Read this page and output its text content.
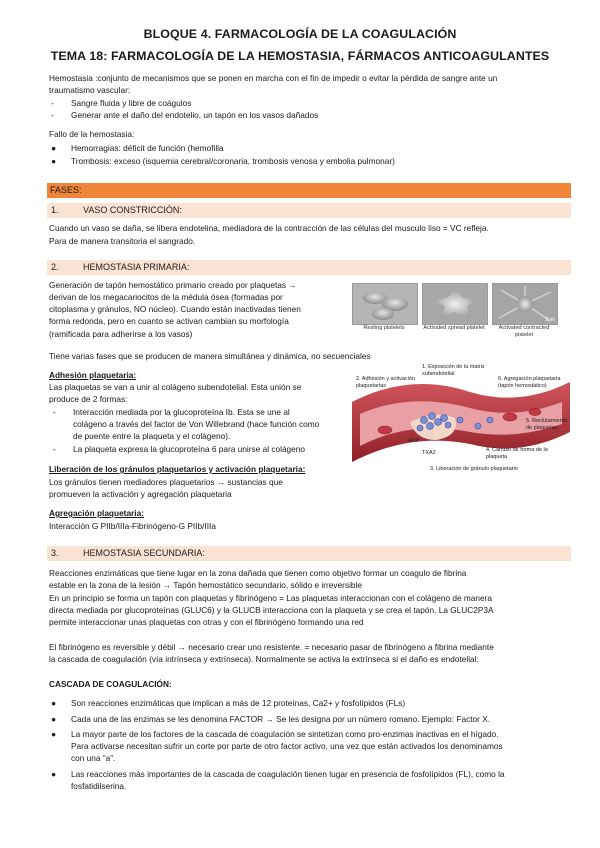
BLOQUE 4. FARMACOLOGÍA DE LA COAGULACIÓN
TEMA 18: FARMACOLOGÍA DE LA HEMOSTASIA, FÁRMACOS ANTICOAGULANTES
Hemostasia :conjunto de mecanismos que se ponen en marcha con el fin de impedir o evitar la pérdida de sangre ante un
traumatismo vascular:
- Sangre fluida y libre de coágulos
- Generar ante el daño del endotelio, un tapón en los vasos dañados
Fallo de la hemostasia:
● Hemorragias: déficit de función (hemofilia
● Trombosis: exceso (isquemia cerebral/coronaria, trombosis venosa y embolia pulmonar)
FASES:
1.	VASO CONSTRICCIÓN:
Cuando un vaso se daña, se libera endotelina, mediadora de la contracción de las células del musculo liso = VC refleja.
Para de manera transitoria el sangrado.
2.	HEMOSTASIA PRIMARIA:
Generación de tapón hemostático primario creado por plaquetas →
derivan de los megacariocitos de la médula ósea (formadas por
citoplasma y gránulos, NO núcleo). Cuando están inactivadas tienen
forma redonda, pero en cuanto se activan cambian su morfología
(ramificada para adherirse a los vasos)
2μm
Resting platelets	Activated spread platelet	Activated contracted platelet
Tiene varias fases que se producen de manera simultánea y dinámica, no secuenciales
Adhesión plaquetaria:
Las plaquetas se van a unir al colágeno subendotelial. Esta unión se
produce de 2 formas:
- Interacción mediada por la glucoproteína Ib. Esta se une al
colágeno a través del factor de Von Willebrand (hace función como
de puente entre la plaqueta y el colágeno).
- La plaqueta expresa la glucoproteína 6 para unirse al colágeno
1. Exposición de la matriz subendotelial
2. Adhesión y activación plaquetarias
6. Agregación plaquetaria (tapón hemostático)
5. Reclutamiento de plaquetas
4. Cambio de forma de la plaqueta
3. Liberación de gránulo plaquetario
ADP
TXA2
Liberación de los gránulos plaquetarios y activación plaquetaria:
Los gránulos tienen mediadores plaquetarios → sustancias que
promueven la activación y agregación plaquetaria
Agregación plaquetaria:
Interacción G PIIb/IIIa-Fibrinógeno-G PIIb/IIIa
3.	HEMOSTASIA SECUNDARIA:
Reacciones enzimáticas que tiene lugar en la zona dañada que tienen como objetivo formar un coagulo de fibrina
estable en la zona de la lesión → Tapón hemostático secundario, sólido e irreversible
En un principio se forma un tapón con plaquetas y fibrinógeno = Las plaquetas interaccionan con el colágeno de manera
directa mediada por glucoproteínas (GLUC6) y la GLUCB interacciona con la plaqueta y se crea el tapón. La GLUC2P3A
permite interaccionar unas plaquetas con otras y con el fibrinógeno formando una red
El fibrinógeno es reversible y débil → necesario crear uno resistente. = necesario pasar de fibrinógeno a fibrina mediante
la cascada de coagulación (vía intrínseca y extrínseca). Normalmente se activa la extrínseca si el daño es endotelial:
CASCADA DE COAGULACIÓN:
● Son reacciones enzimáticas que implican a más de 12 proteínas, Ca2+ y fosfolípidos (FLs)
● Cada una de las enzimas se les denomina FACTOR → Se les designa por un número romano. Ejemplo: Factor X.
● La mayor parte de los factores de la cascada de coagulación se sintetizan como pro-enzimas inactivas en el hígado.
Para activarse necesitan sufrir un corte por parte de otro factor activo, una vez que están activados los denominamos
con una “a”.
● Las reacciones más importantes de la cascada de coagulación tienen lugar en presencia de fosfolípidos (FL), como la
fosfatidilserina.
